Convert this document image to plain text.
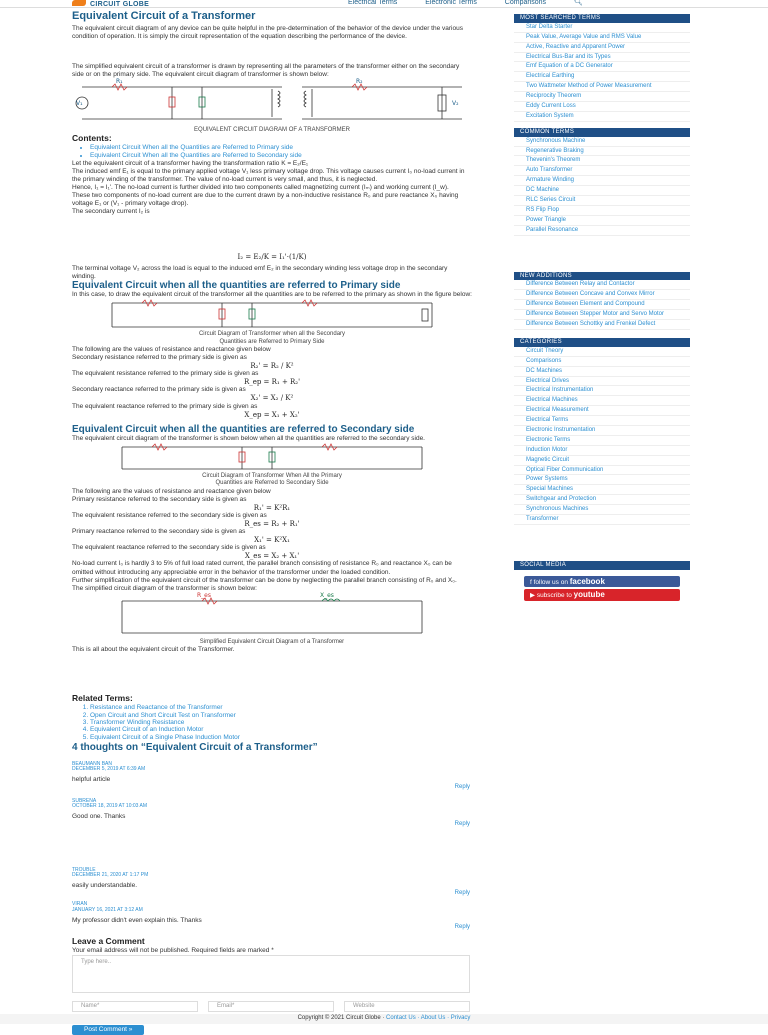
CIRCUIT GLOBE	Electrical Terms	Electronic Terms	Comparisons	🔍︎
Equivalent Circuit of a Transformer

The equivalent circuit diagram of any device can be quite helpful in the pre-determination of the behavior of the device under the various condition of operation. It is simply the circuit representation of the equation describing the performance of the device.

The simplified equivalent circuit of a transformer is drawn by representing all the parameters of the transformer either on the secondary side or on the primary side. The equivalent circuit diagram of transformer is shown below:

V₁	V₂
R₁	R₂
EQUIVALENT CIRCUIT DIAGRAM OF A TRANSFORMER
Contents:
• Equivalent Circuit When all the Quantities are Referred to Primary side
• Equivalent Circuit When all the Quantities are Referred to Secondary side

Let the equivalent circuit of a transformer having the transformation ratio K = E₂/E₁

The induced emf E₁ is equal to the primary applied voltage V₁ less primary voltage drop. This voltage causes current I₀ no-load current in the primary winding of the transformer. The value of no-load current is very small, and thus, it is neglected.

Hence, I₁ = I₁'. The no-load current is further divided into two components called magnetizing current (Iₘ) and working current (I_w).

These two components of no-load current are due to the current drawn by a non-inductive resistance R₀ and pure reactance X₀ having voltage E₁ or (V₁ - primary voltage drop).

The secondary current I₂ is

I₂ = E₂/K = I₁'·(1/K)

The terminal voltage V₂ across the load is equal to the induced emf E₂ in the secondary winding less voltage drop in the secondary winding.

Equivalent Circuit when all the quantities are referred to Primary side

In this case, to draw the equivalent circuit of the transformer all the quantities are to be referred to the primary as shown in the figure below:

Circuit Diagram of Transformer when all the Secondary
Quantities are Referred to Primary Side

The following are the values of resistance and reactance given below

Secondary resistance referred to the primary side is given as

R₂' = R₂ / K²

The equivalent resistance referred to the primary side is given as

R_ep = R₁ + R₂'

Secondary reactance referred to the primary side is given as

X₂' = X₂ / K²

The equivalent reactance referred to the primary side is given as

X_ep = X₁ + X₂'
Equivalent Circuit when all the quantities are referred to Secondary side

The equivalent circuit diagram of the transformer is shown below when all the quantities are referred to the secondary side.

Circuit Diagram of Transformer When All the Primary
Quantities are Referred to Secondary Side

The following are the values of resistance and reactance given below

Primary resistance referred to the secondary side is given as

R₁' = K²R₁

The equivalent resistance referred to the secondary side is given as

R_es = R₂ + R₁'

Primary reactance referred to the secondary side is given as

X₁' = K²X₁

The equivalent reactance referred to the secondary side is given as

X_es = X₂ + X₁'

No-load current I₀ is hardly 3 to 5% of full load rated current, the parallel branch consisting of resistance R₀ and reactance X₀ can be omitted without introducing any appreciable error in the behavior of the transformer under the loaded condition.

Further simplification of the equivalent circuit of the transformer can be done by neglecting the parallel branch consisting of R₀ and X₀.

The simplified circuit diagram of the transformer is shown below:

R_es	X_es
Simplified Equivalent Circuit Diagram of a Transformer

This is all about the equivalent circuit of the Transformer.

Related Terms:
1. Resistance and Reactance of the Transformer
2. Open Circuit and Short Circuit Test on Transformer
3. Transformer Winding Resistance
4. Equivalent Circuit of an Induction Motor
5. Equivalent Circuit of a Single Phase Induction Motor
4 thoughts on “Equivalent Circuit of a Transformer”
BEAUMANN BAN
DECEMBER 5, 2019 AT 6:39 AM
helpful article
Reply
SUBRENA
OCTOBER 18, 2019 AT 10:03 AM
Good one. Thanks
Reply
TROUBLE
DECEMBER 21, 2020 AT 1:17 PM
easily understandable.
Reply
VIRAN
JANUARY 16, 2021 AT 3:12 AM
My professor didn't even explain this. Thanks
Reply
Leave a Comment

Your email address will not be published. Required fields are marked *

Type here..
Name*	Email*	Website

Post Comment »
MOST SEARCHED TERMS
Star Delta Starter
Peak Value, Average Value and RMS Value
Active, Reactive and Apparent Power
Electrical Bus-Bar and its Types
Emf Equation of a DC Generator
Electrical Earthing
Two Wattmeter Method of Power Measurement
Reciprocity Theorem
Eddy Current Loss
Excitation System
COMMON TERMS
Synchronous Machine
Regenerative Braking
Thevenin's Theorem
Auto Transformer
Armature Winding
DC Machine
RLC Series Circuit
RS Flip Flop
Power Triangle
Parallel Resonance
NEW ADDITIONS
Difference Between Relay and Contactor
Difference Between Concave and Convex Mirror
Difference Between Element and Compound
Difference Between Stepper Motor and Servo Motor
Difference Between Schottky and Frenkel Defect
CATEGORIES
Circuit Theory
Comparisons
DC Machines
Electrical Drives
Electrical Instrumentation
Electrical Machines
Electrical Measurement
Electrical Terms
Electronic Instrumentation
Electronic Terms
Induction Motor
Magnetic Circuit
Optical Fiber Communication
Power Systems
Special Machines
Switchgear and Protection
Synchronous Machines
Transformer
SOCIAL MEDIA
f follow us on facebook
▶ subscribe to youtube
Copyright © 2021 Circuit Globe · Contact Us · About Us · Privacy
